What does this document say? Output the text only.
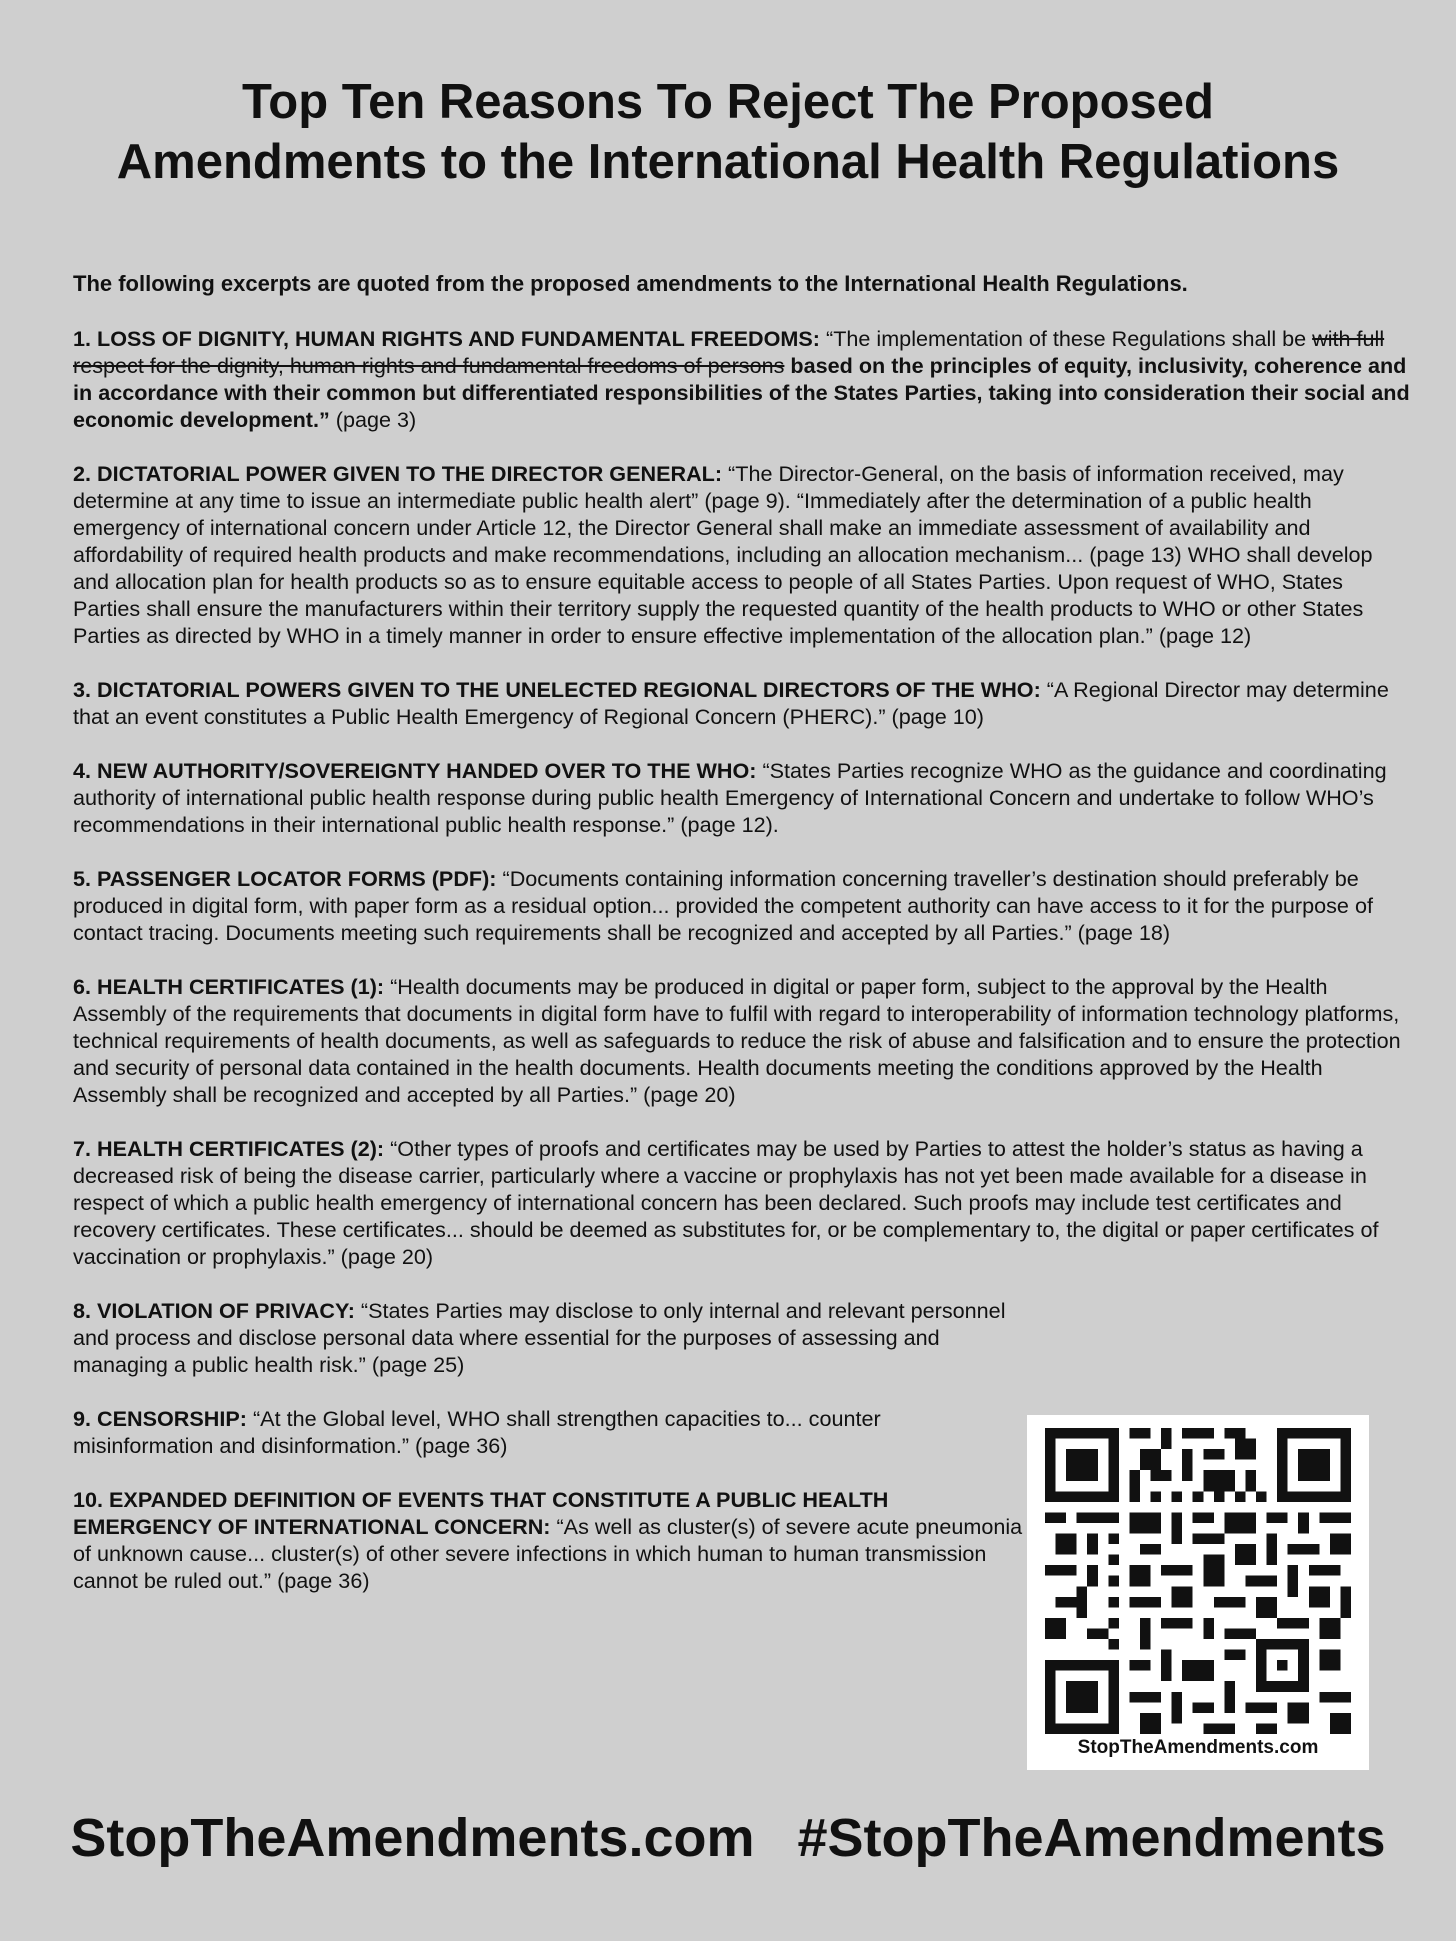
Top Ten Reasons To Reject The Proposed
Amendments to the International Health Regulations
The following excerpts are quoted from the proposed amendments to the International Health Regulations.
1. LOSS OF DIGNITY, HUMAN RIGHTS AND FUNDAMENTAL FREEDOMS: “The implementation of these Regulations shall be with full respect for the dignity, human rights and fundamental freedoms of persons based on the principles of equity, inclusivity, coherence and in accordance with their common but differentiated responsibilities of the States Parties, taking into consideration their social and economic development.” (page 3)
2. DICTATORIAL POWER GIVEN TO THE DIRECTOR GENERAL: “The Director-General, on the basis of information received, may determine at any time to issue an intermediate public health alert” (page 9). “Immediately after the determination of a public health emergency of international concern under Article 12, the Director General shall make an immediate assessment of availability and affordability of required health products and make recommendations, including an allocation mechanism... (page 13) WHO shall develop and allocation plan for health products so as to ensure equitable access to people of all States Parties. Upon request of WHO, States Parties shall ensure the manufacturers within their territory supply the requested quantity of the health products to WHO or other States Parties as directed by WHO in a timely manner in order to ensure effective implementation of the allocation plan.” (page 12)
3. DICTATORIAL POWERS GIVEN TO THE UNELECTED REGIONAL DIRECTORS OF THE WHO: “A Regional Director may determine that an event constitutes a Public Health Emergency of Regional Concern (PHERC).” (page 10)
4. NEW AUTHORITY/SOVEREIGNTY HANDED OVER TO THE WHO: “States Parties recognize WHO as the guidance and coordinating authority of international public health response during public health Emergency of International Concern and undertake to follow WHO’s recommendations in their international public health response.” (page 12).
5. PASSENGER LOCATOR FORMS (PDF): “Documents containing information concerning traveller’s destination should preferably be produced in digital form, with paper form as a residual option... provided the competent authority can have access to it for the purpose of contact tracing. Documents meeting such requirements shall be recognized and accepted by all Parties.” (page 18)
6. HEALTH CERTIFICATES (1): “Health documents may be produced in digital or paper form, subject to the approval by the Health Assembly of the requirements that documents in digital form have to fulfil with regard to interoperability of information technology platforms, technical requirements of health documents, as well as safeguards to reduce the risk of abuse and falsification and to ensure the protection and security of personal data contained in the health documents. Health documents meeting the conditions approved by the Health Assembly shall be recognized and accepted by all Parties.” (page 20)
7. HEALTH CERTIFICATES (2): “Other types of proofs and certificates may be used by Parties to attest the holder’s status as having a decreased risk of being the disease carrier, particularly where a vaccine or prophylaxis has not yet been made available for a disease in respect of which a public health emergency of international concern has been declared. Such proofs may include test certificates and recovery certificates. These certificates... should be deemed as substitutes for, or be complementary to, the digital or paper certificates of vaccination or prophylaxis.” (page 20)
8. VIOLATION OF PRIVACY: “States Parties may disclose to only internal and relevant personnel and process and disclose personal data where essential for the purposes of assessing and managing a public health risk.” (page 25)
9. CENSORSHIP: “At the Global level, WHO shall strengthen capacities to... counter misinformation and disinformation.” (page 36)
10. EXPANDED DEFINITION OF EVENTS THAT CONSTITUTE A PUBLIC HEALTH EMERGENCY OF INTERNATIONAL CONCERN: “As well as cluster(s) of severe acute pneumonia of unknown cause... cluster(s) of other severe infections in which human to human transmission cannot be ruled out.” (page 36)
StopTheAmendments.com
StopTheAmendments.com #StopTheAmendments
